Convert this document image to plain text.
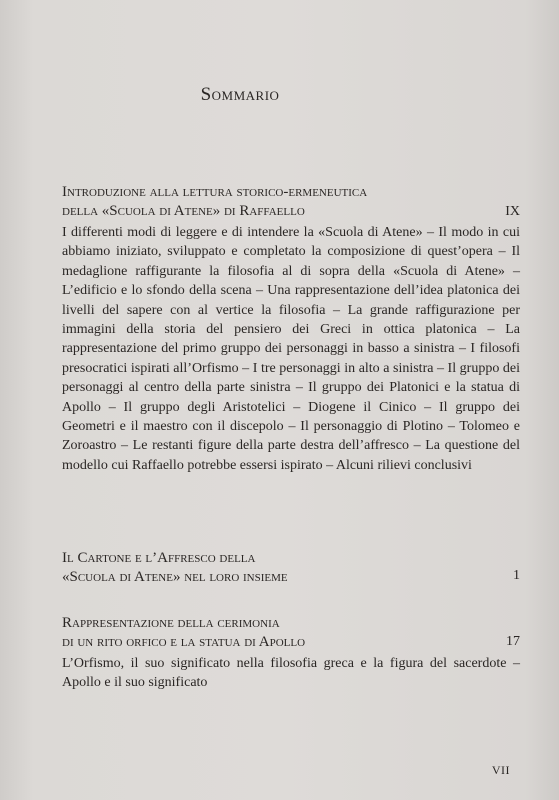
Sommario
Introduzione alla lettura storico-ermeneutica
della «Scuola di Atene» di Raffaello	IX

I differenti modi di leggere e di intendere la «Scuola di Atene» – Il modo in cui abbiamo iniziato, sviluppato e completato la composizione di quest’opera – Il medaglione raffigurante la filosofia al di sopra della «Scuola di Atene» – L’edificio e lo sfondo della scena – Una rappresentazione dell’idea platonica dei livelli del sapere con al vertice la filosofia – La grande raffigurazione per immagini della storia del pensiero dei Greci in ottica platonica – La rappresentazione del primo gruppo dei personaggi in basso a sinistra – I filosofi presocratici ispirati all’Orfismo – I tre personaggi in alto a sinistra – Il gruppo dei personaggi al centro della parte sinistra – Il gruppo dei Platonici e la statua di Apollo – Il gruppo degli Aristotelici – Diogene il Cinico – Il gruppo dei Geometri e il maestro con il discepolo – Il personaggio di Plotino – Tolomeo e Zoroastro – Le restanti figure della parte destra dell’affresco – La questione del modello cui Raffaello potrebbe essersi ispirato – Alcuni rilievi conclusivi

Il Cartone e l’Affresco della
«Scuola di Atene» nel loro insieme	1
Rappresentazione della cerimonia
di un rito orfico e la statua di Apollo	17

L’Orfismo, il suo significato nella filosofia greca e la figura del sacerdote – Apollo e il suo significato

VII
